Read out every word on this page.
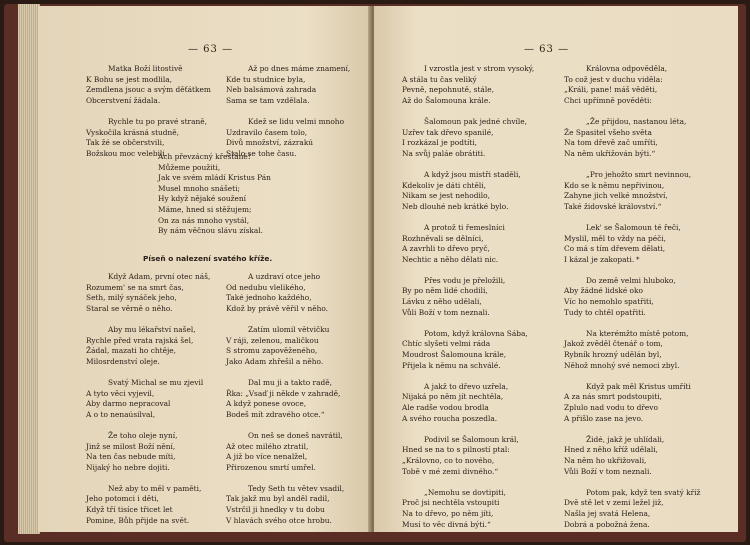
— 63 —
Matka Boží litostivě
K Bohu se jest modlila,
Zemdlena jsouc a svým děťátkem
Obcerstvení žádala.
Rychle tu po pravé straně,
Vyskočila krásná studně,
Tak žé se občerstvili,
Božskou moc velebili.
Až po dnes máme znamení,
Kde tu studnice byla,
Neb balsámová zahrada
Sama se tam vzdělala.
Kdež se lidu velmi mnoho
Uzdravilo časem tolo,
Divů množství, zázrakú
Stalo se tohe času.
Ach převzácný křesťané!
Můžeme použiti,
Jak ve svém mládí Kristus Pán
Musel mnoho snášeti;
Hy když nějaké soužení
Máme, hned si stěžujem;
On za nás mnoho vystál,
By nám věčnou slávu získal.
Píseň o nalezení svatého kříže.
Když Adam, první otec náš,
Rozumem' se na smrt čas,
Seth, milý synáček jeho,
Staral se věrně o něho.
Aby mu lékařství našel,
Rychle před vrata rajská šel,
Žádal, mazati ho chtěje,
Milosrdenství oleje.
Svatý Michal se mu zjevil
A tyto věci vyjevil,
Aby darmo nepracoval
A o to nenaúsilval,
Že toho oleje nyní,
Jinž se milost Boží nění,
Na ten čas nebude míti,
Nijaký ho nebre dojiti.
Než aby to měl v paměti,
Jeho potomci i děti,
Když tří tisíce třicet let
Pomine, Bůh přijde na svět.
A uzdraví otce jeho
Od nedubu vlelikého,
Také jednoho každého,
Kdož by právě věřil v něho.
Zatím ulomil větvičku
V ráji, zelenou, maličkou
S stromu zapověženého,
Jako Adam zhřešil a něho.
Dal mu ji a takto radě,
Řka: „Vsaď ji někde v zahradě,
A když ponese ovoce,
Bodeš mít zdravého otce.“
On neš se doneš navrátil,
Až otec milého ztratil,
A již bo více nenalžel,
Přirozenou smrtí umřel.
Tedy Seth tu větev vsadil,
Tak jakž mu byl anděl radil,
Vstrčil ji hnedky v tu dobu
V hlavách svého otce hrobu.
— 63 —
I vzrostla jest v strom vysoký,
A stála tu čas veliký
Pevně, nepohnutě, stále,
Až do Šalomouna krále.
Šalomoun pak jedné chvíle,
Uzřev tak dřevo spanilé,
I rozkázal je podtíti,
Na svůj paláe obrátiti.
A když jsou mistři staděli,
Kdekoliv je dáti chtěli,
Nikam se jest nehodilo,
Neb dlouhé neb krátké bylo.
A protož ti řemeslníci
Rozhněvali se dělníci,
A zavrhli to dřevo pryč,
Nechtic a něho dělati nic.
Přes vodu je přeložili,
By po něm lidé chodili,
Lávku z něho udělali,
Vůli Boží v tom neznali.
Potom, když královna Sába,
Chtíc slyšeti velmi ráda
Moudrost Šalomouna krále,
Přijela k němu na schválé.
A jakž to dřevo uzřela,
Nijaká po něm jít nechtěla,
Ale radše vodou brodla
A svého roucha poszedla.
Podivil se Šalomoun král,
Hned se na to s pilností ptal:
„Královno, co to nového,
Tobě v mé zemi divného.“
„Nemohu se dovtipiti,
Proč jsi nechtěla vstoupiti
Na to dřevo, po něm jíti,
Musí to věc divná býti.“
Královna odpověděla,
To což jest v duchu viděla:
„Králi, pane! máš věděti,
Chci upřímně pověděti:
„Že přijdou, nastanou léta,
Že Spasitel všeho světa
Na tom dřevě zač umříti,
Na něm ukřižován býti.“
„Pro jehožto smrt nevinnou,
Kdo se k němu nepřivinou,
Zahyne jich velké množství,
Také židovské království.“
Lek' se Šalomoun té řeči,
Myslil, měl to vždy na péči,
Co má s tím dřevem dělati,
I kázal je zakopati.
Do země velmi hluboko,
Aby žádné lidské oko
Víc ho nemohlo spatřiti,
Tudy to chtěl opatřiti.
Na kterémžto místě potom,
Jakož zvěděl čtenář o tom,
Rybník hrozný udělán byl,
Něhož mnohý své nemoci zbyl.
Když pak měl Kristus umříti
A za nás smrt podstoupiti,
Zplulo nad vodu to dřevo
A přišlo zase na jevo.
Židé, jakž je uhlídali,
Hned z něho kříž udělali,
Na něm ho ukřižovali,
Vůli Boží v tom neznali.
Potom pak, když ten svatý kříž
Dvě stě let v zemi ležel již,
Našla jej svatá Helena,
Dobrá a pobožná žena.
*
